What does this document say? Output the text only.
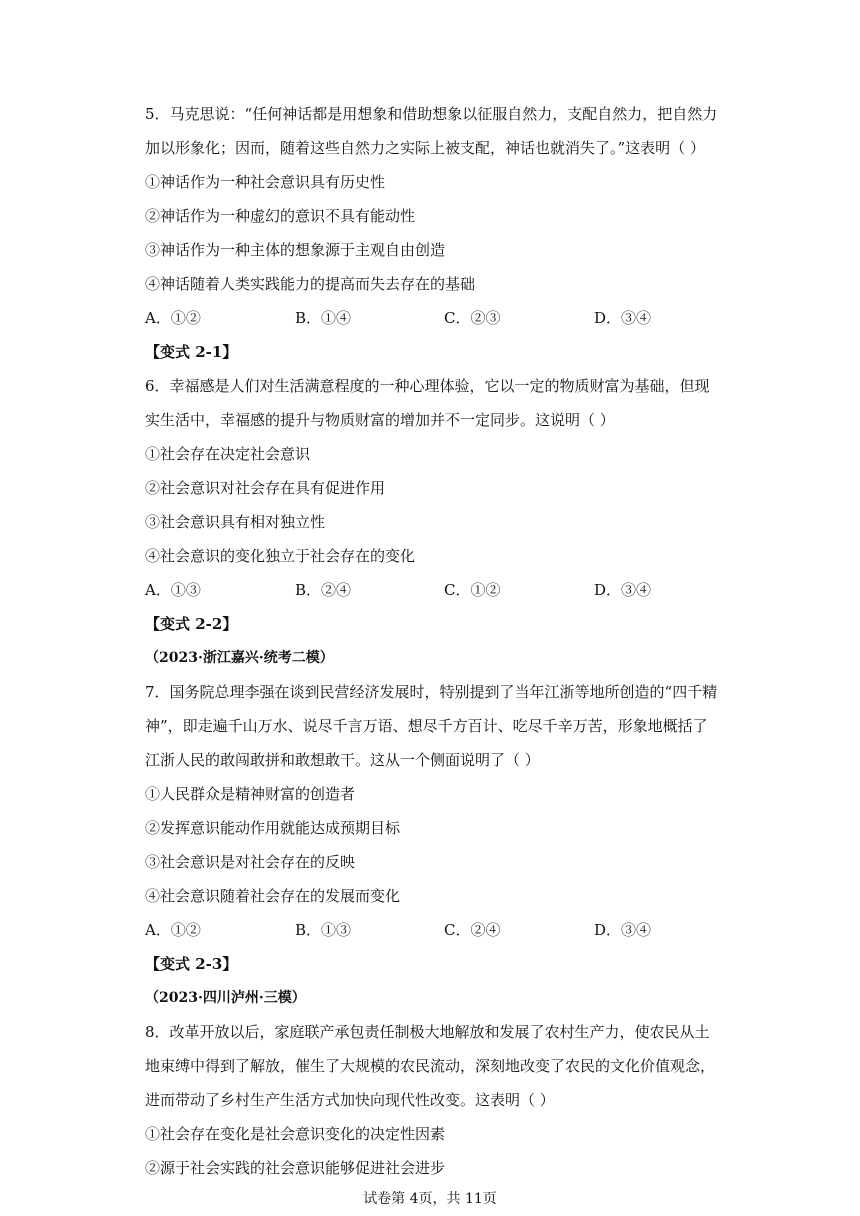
5．马克思说：“任何神话都是用想象和借助想象以征服自然力，支配自然力，把自然力
加以形象化；因而，随着这些自然力之实际上被支配，神话也就消失了。”这表明（ ）
①神话作为一种社会意识具有历史性
②神话作为一种虚幻的意识不具有能动性
③神话作为一种主体的想象源于主观自由创造
④神话随着人类实践能力的提高而失去存在的基础
A．①②	B．①④	C．②③	D．③④
【变式 2-1】
6．幸福感是人们对生活满意程度的一种心理体验，它以一定的物质财富为基础，但现
实生活中，幸福感的提升与物质财富的增加并不一定同步。这说明（ ）
①社会存在决定社会意识
②社会意识对社会存在具有促进作用
③社会意识具有相对独立性
④社会意识的变化独立于社会存在的变化
A．①③	B．②④	C．①②	D．③④
【变式 2-2】
（2023·浙江嘉兴·统考二模）
7．国务院总理李强在谈到民营经济发展时，特别提到了当年江浙等地所创造的“四千精
神”，即走遍千山万水、说尽千言万语、想尽千方百计、吃尽千辛万苦，形象地概括了
江浙人民的敢闯敢拼和敢想敢干。这从一个侧面说明了（ ）
①人民群众是精神财富的创造者
②发挥意识能动作用就能达成预期目标
③社会意识是对社会存在的反映
④社会意识随着社会存在的发展而变化
A．①②	B．①③	C．②④	D．③④
【变式 2-3】
（2023·四川泸州·三模）
8．改革开放以后，家庭联产承包责任制极大地解放和发展了农村生产力，使农民从土
地束缚中得到了解放，催生了大规模的农民流动，深刻地改变了农民的文化价值观念，
进而带动了乡村生产生活方式加快向现代性改变。这表明（ ）
①社会存在变化是社会意识变化的决定性因素
②源于社会实践的社会意识能够促进社会进步
试卷第 4页，共 11页
